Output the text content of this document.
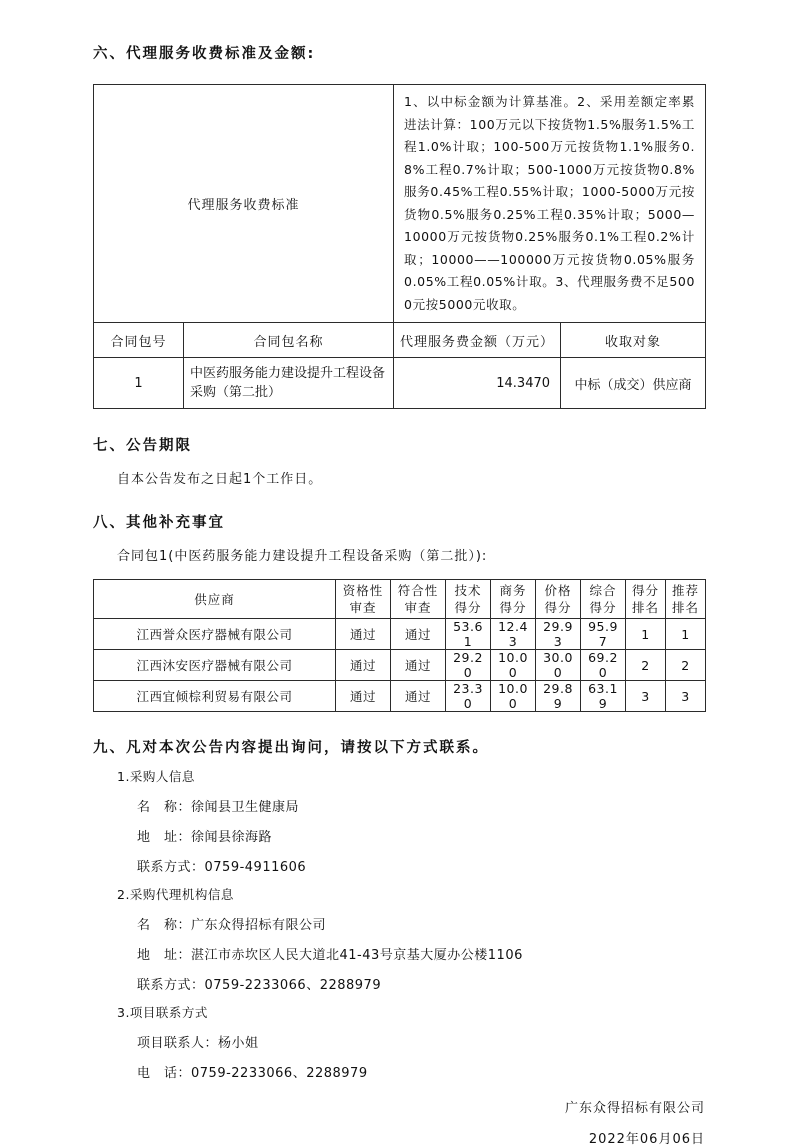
六、代理服务收费标准及金额:
代理服务收费标准		1、以中标金额为计算基准。2、采用差额定率累进法计算：100万元以下按货物1.5%服务1.5%工程1.0%计取；100-500万元按货物1.1%服务0.8%工程0.7%计取；500-1000万元按货物0.8%服务0.45%工程0.55%计取；1000-5000万元按货物0.5%服务0.25%工程0.35%计取；5000—10000万元按货物0.25%服务0.1%工程0.2%计取；10000——100000万元按货物0.05%服务0.05%工程0.05%计取。3、代理服务费不足5000元按5000元收取。	
合同包号	合同包名称	代理服务费金额（万元）	收取对象
1	中医药服务能力建设提升工程设备采购（第二批）	14.3470	中标（成交）供应商
七、公告期限

自本公告发布之日起1个工作日。

八、其他补充事宜

合同包1(中医药服务能力建设提升工程设备采购（第二批）):

供应商	资格性审查	符合性审查	技术得分	商务得分	价格得分	综合得分	得分排名	推荐排名
江西誉众医疗器械有限公司	通过	通过	53.61	12.43	29.93	95.97	1	1
江西沐安医疗器械有限公司	通过	通过	29.20	10.00	30.00	69.20	2	2
江西宜倾棕利贸易有限公司	通过	通过	23.30	10.00	29.89	63.19	3	3
九、凡对本次公告内容提出询问，请按以下方式联系。
1.采购人信息
名　称：徐闻县卫生健康局
地　址：徐闻县徐海路
联系方式：0759-4911606
2.采购代理机构信息
名　称：广东众得招标有限公司
地　址：湛江市赤坎区人民大道北41-43号京基大厦办公楼1106
联系方式：0759-2233066、2288979
3.项目联系方式
项目联系人：杨小姐
电　话：0759-2233066、2288979
广东众得招标有限公司
2022年06月06日
